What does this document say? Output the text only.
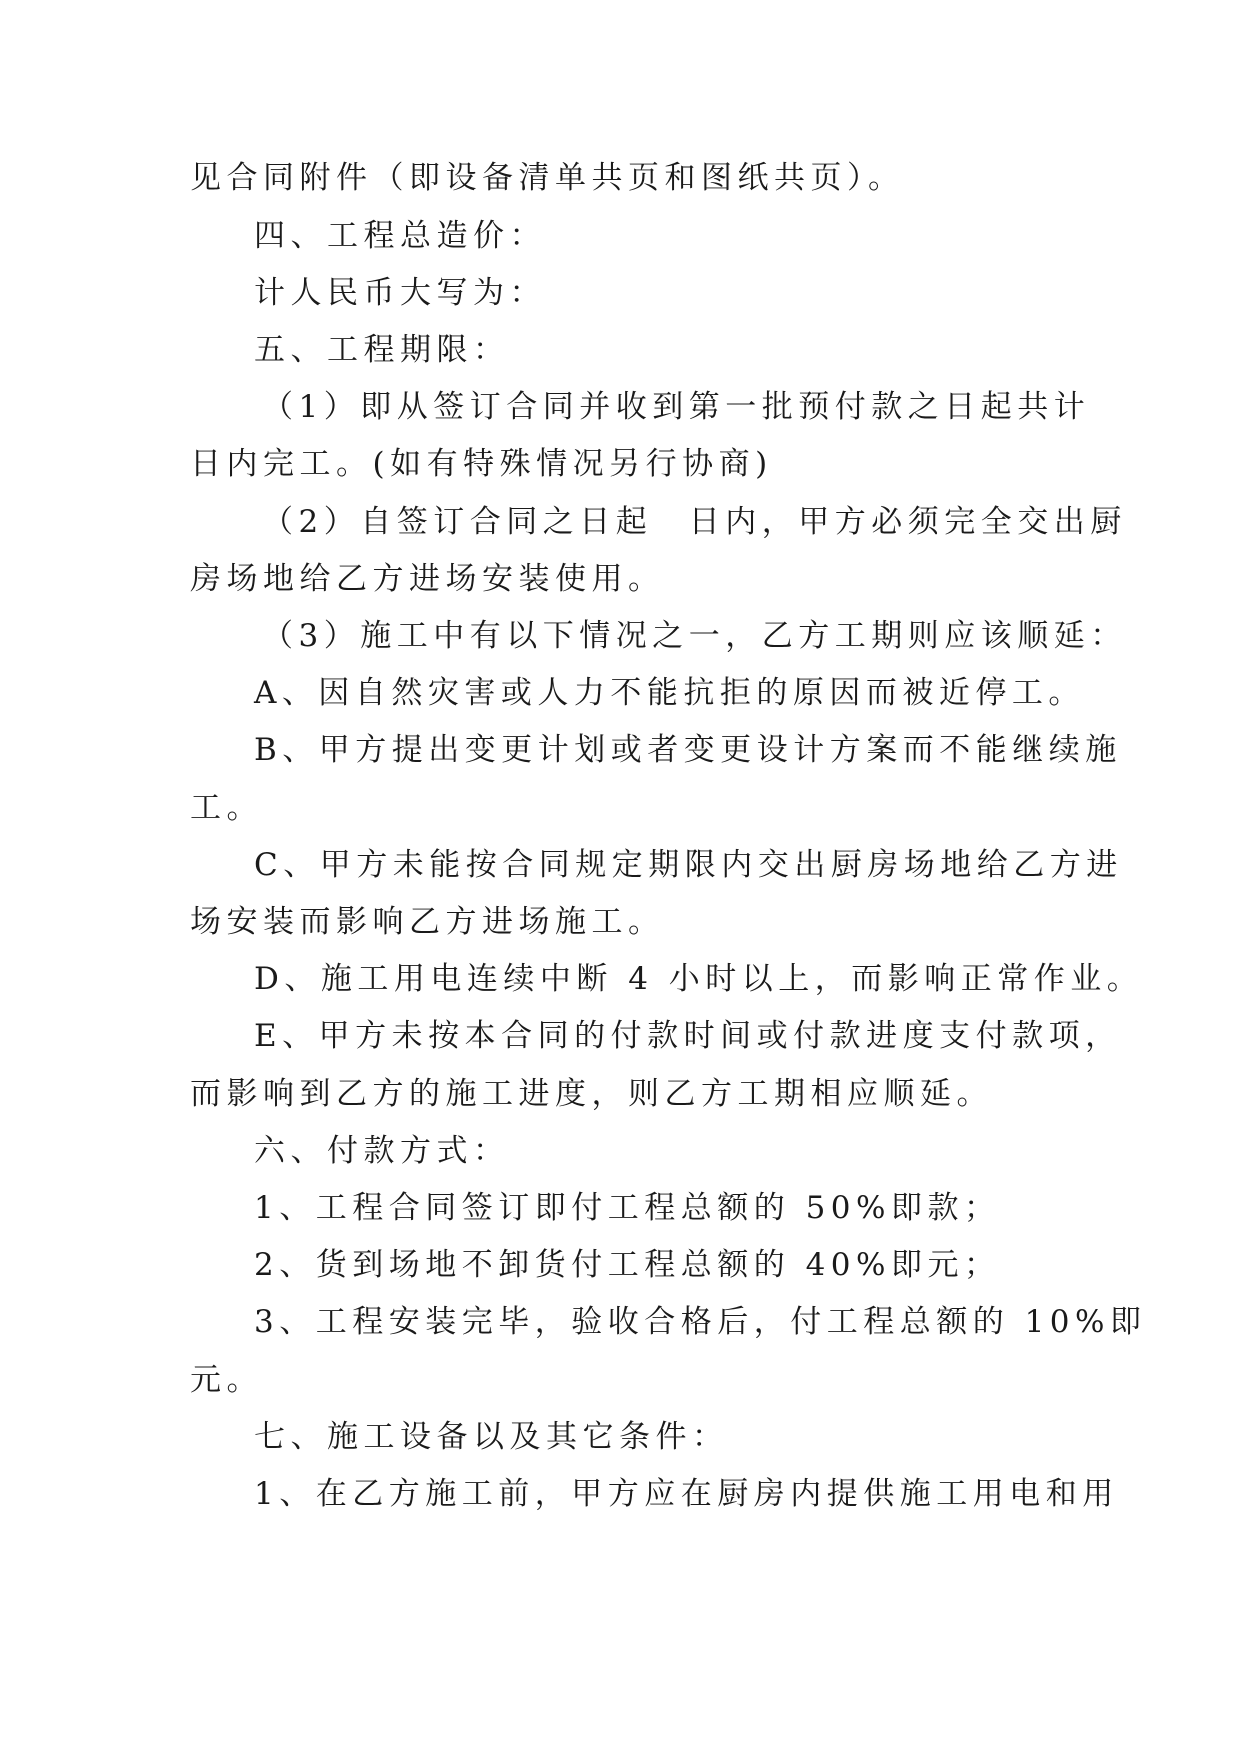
见合同附件（即设备清单共页和图纸共页）。
四、工程总造价：
计人民币大写为：
五、工程期限：
（1）即从签订合同并收到第一批预付款之日起共计
日内完工。(如有特殊情况另行协商)
（2）自签订合同之日起　日内，甲方必须完全交出厨
房场地给乙方进场安装使用。
（3）施工中有以下情况之一，乙方工期则应该顺延：
A、因自然灾害或人力不能抗拒的原因而被近停工。
B、甲方提出变更计划或者变更设计方案而不能继续施
工。
C、甲方未能按合同规定期限内交出厨房场地给乙方进
场安装而影响乙方进场施工。
D、施工用电连续中断 4 小时以上，而影响正常作业。
E、甲方未按本合同的付款时间或付款进度支付款项，
而影响到乙方的施工进度，则乙方工期相应顺延。
六、付款方式：
1、工程合同签订即付工程总额的 50%即款；
2、货到场地不卸货付工程总额的 40%即元；
3、工程安装完毕，验收合格后，付工程总额的 10%即
元。
七、施工设备以及其它条件：
1、在乙方施工前，甲方应在厨房内提供施工用电和用
